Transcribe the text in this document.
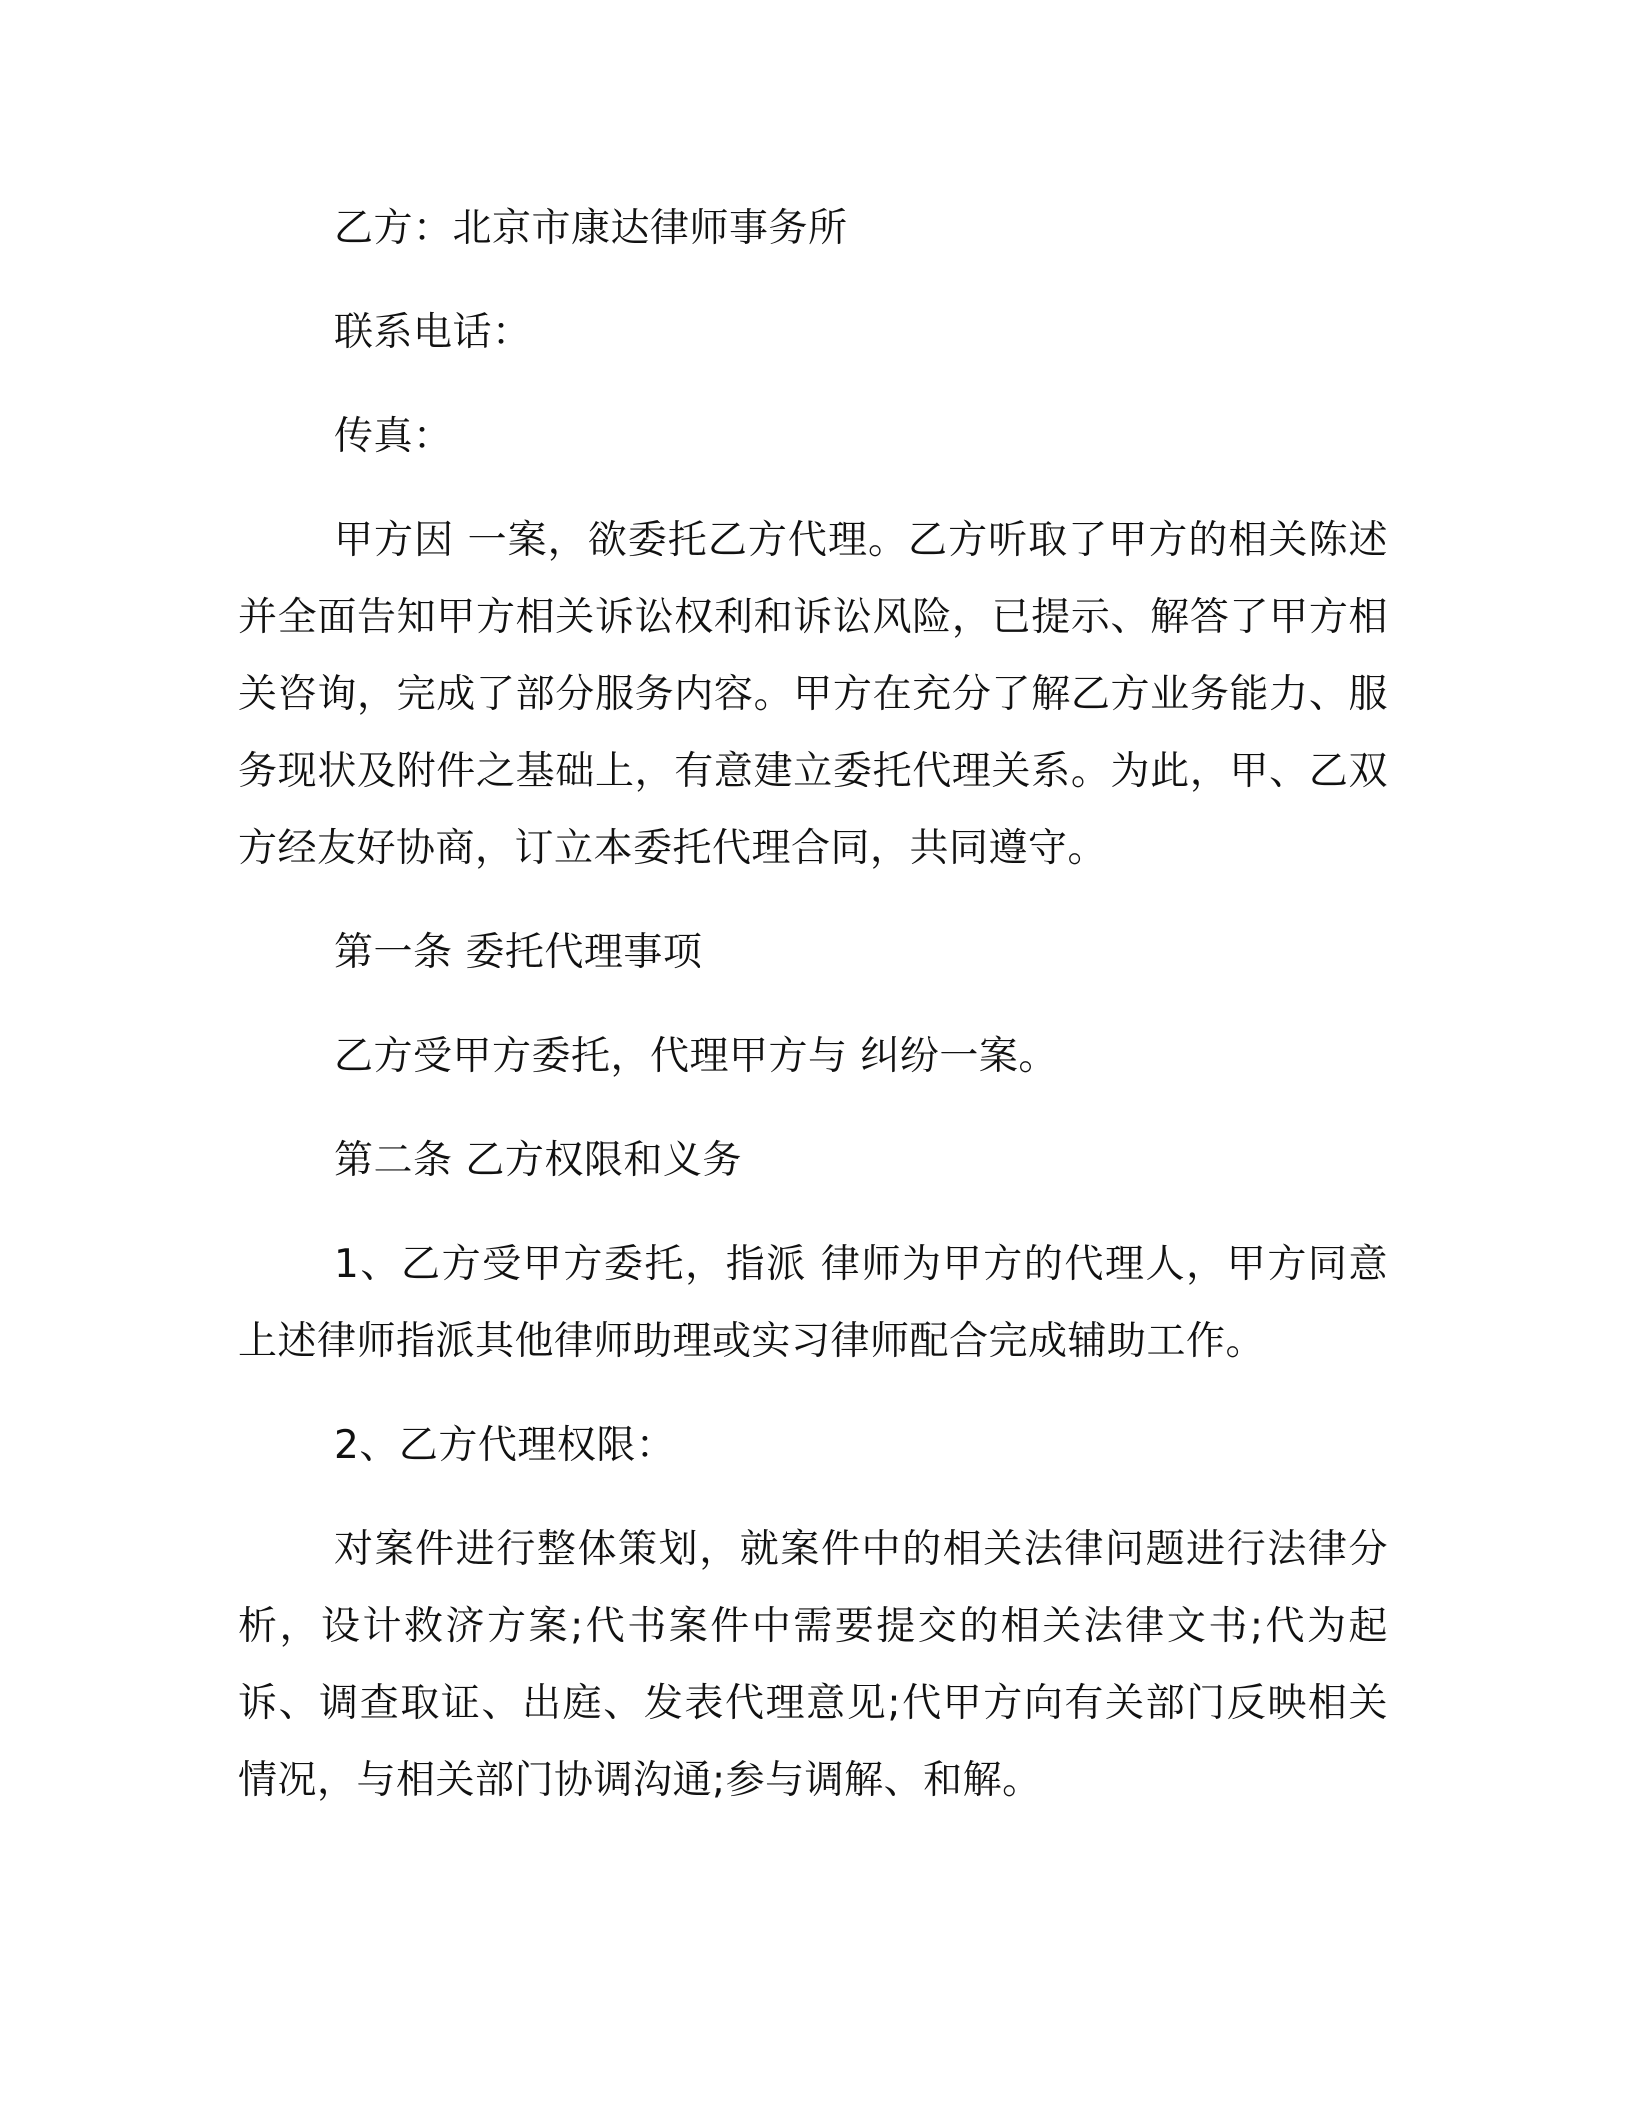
乙方：北京市康达律师事务所

联系电话：

传真：

甲方因 一案，欲委托乙方代理。乙方听取了甲方的相关陈述并全面告知甲方相关诉讼权利和诉讼风险，已提示、解答了甲方相关咨询，完成了部分服务内容。甲方在充分了解乙方业务能力、服务现状及附件之基础上，有意建立委托代理关系。为此，甲、乙双方经友好协商，订立本委托代理合同，共同遵守。

第一条 委托代理事项

乙方受甲方委托，代理甲方与 纠纷一案。

第二条 乙方权限和义务

1、乙方受甲方委托，指派 律师为甲方的代理人，甲方同意上述律师指派其他律师助理或实习律师配合完成辅助工作。

2、乙方代理权限：

对案件进行整体策划，就案件中的相关法律问题进行法律分析，设计救济方案;代书案件中需要提交的相关法律文书;代为起诉、调查取证、出庭、发表代理意见;代甲方向有关部门反映相关情况，与相关部门协调沟通;参与调解、和解。
